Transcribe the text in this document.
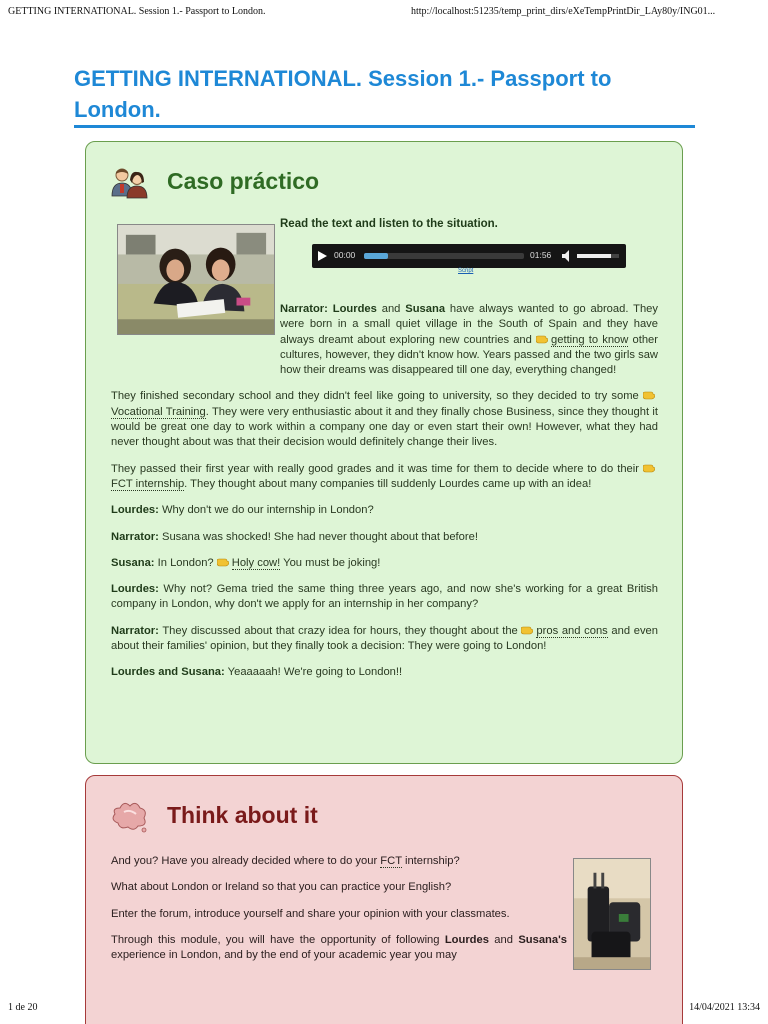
GETTING INTERNATIONAL. Session 1.- Passport to London.	http://localhost:51235/temp_print_dirs/eXeTempPrintDir_LAy80y/ING01...
GETTING INTERNATIONAL. Session 1.- Passport to London.
Caso práctico
Read the text and listen to the situation.
00:00	01:56
Script

Narrator: Lourdes and Susana have always wanted to go abroad. They were born in a small quiet village in the South of Spain and they have always dreamt about exploring new countries and getting to know other cultures, however, they didn't know how. Years passed and the two girls saw how their dreams was disappeared till one day, everything changed!

They finished secondary school and they didn't feel like going to university, so they decided to try some Vocational Training. They were very enthusiastic about it and they finally chose Business, since they thought it would be great one day to work within a company one day or even start their own! However, what they had never thought about was that their decision would definitely change their lives.

They passed their first year with really good grades and it was time for them to decide where to do their FCT internship. They thought about many companies till suddenly Lourdes came up with an idea!

Lourdes: Why don't we do our internship in London?

Narrator: Susana was shocked! She had never thought about that before!

Susana: In London? Holy cow! You must be joking!

Lourdes: Why not? Gema tried the same thing three years ago, and now she's working for a great British company in London, why don't we apply for an internship in her company?

Narrator: They discussed about that crazy idea for hours, they thought about the pros and cons and even about their families' opinion, but they finally took a decision: They were going to London!

Lourdes and Susana: Yeaaaaah! We're going to London!!

Think about it

And you? Have you already decided where to do your FCT internship?

What about London or Ireland so that you can practice your English?

Enter the forum, introduce yourself and share your opinion with your classmates.

Through this module, you will have the opportunity of following Lourdes and Susana's experience in London, and by the end of your academic year you may

1 de 20	14/04/2021 13:34
